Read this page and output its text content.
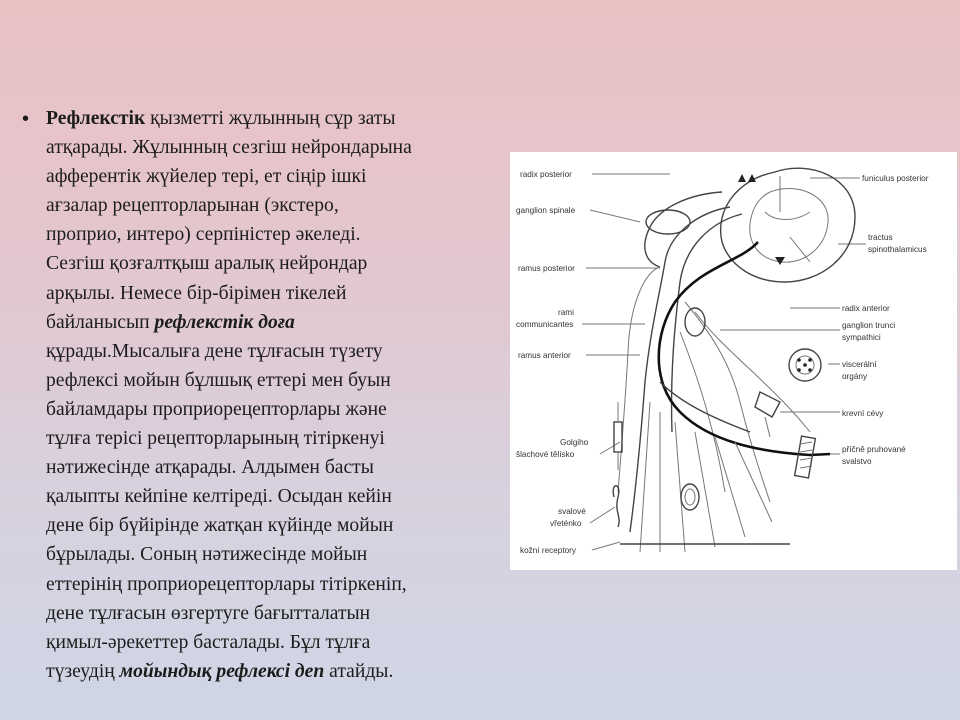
• Рефлекстік қызметті жұлынның сұр заты
атқарады. Жұлынның сезгіш нейрондарына
афферентік жүйелер тері, ет сіңір ішкі
ағзалар рецепторларынан (экстеро,
проприо, интеро) серпіністер әкеледі.
Сезгіш қозғалтқыш аралық нейрондар
арқылы. Немесе бір-бірімен тікелей
байланысып рефлекстік доға
құрады.Мысалыға дене тұлғасын түзету
рефлексі мойын бұлшық еттері мен буын
байламдары проприорецепторлары және
тұлға терісі рецепторларының тітіркенуі
нәтижесінде атқарады. Алдымен басты
қалыпты кейпіне келтіреді. Осыдан кейін
дене бір бүйірінде жатқан күйінде мойын
бұрылады. Соның нәтижесінде мойын
еттерінің проприорецепторлары тітіркеніп,
дене тұлғасын өзгертуге бағытталатын
қимыл-әрекеттер басталады. Бұл тұлға
түзеудің мойындық рефлексі деп атайды.
radix posterior
ganglion spinale
ramus posterior
rami
communicantes
ramus anterior
Golgiho
šlachové tělísko
svalové
vřeténko
kožní receptory
funiculus posterior
tractus
spinothalamicus
radix anterior
ganglion trunci
sympathici
viscerální
orgány
krevní cévy
příčně pruhované
svalstvo
